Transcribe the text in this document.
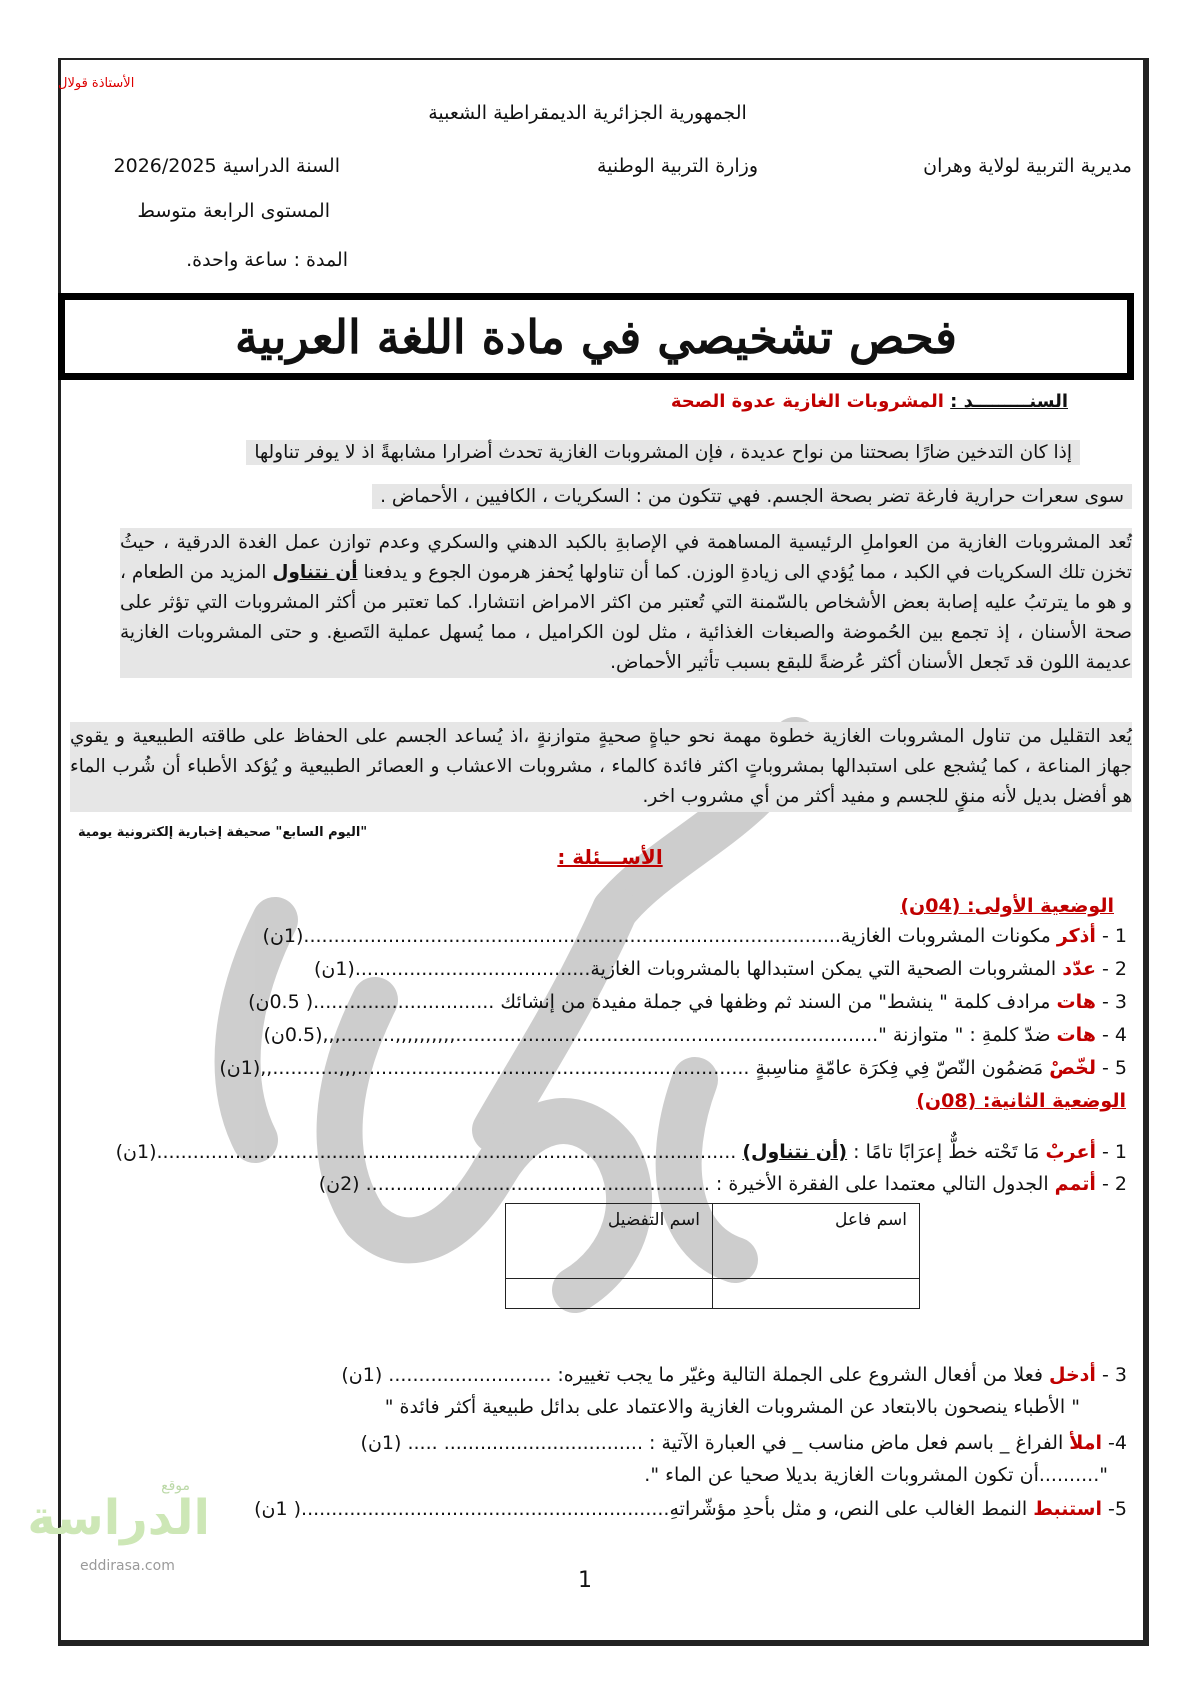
الأستاذة قولال
الجمهورية الجزائرية الديمقراطية الشعبية
مديرية التربية لولاية وهران
وزارة التربية الوطنية
السنة الدراسية 2026/2025
المستوى الرابعة متوسط
المدة : ساعة واحدة.
فحص تشخيصي في مادة اللغة العربية
السنـــــــــد : المشروبات الغازية عدوة الصحة
إذا كان التدخين ضارًا بصحتنا من نواح عديدة ، فإن المشروبات الغازية تحدث أضرارا مشابهةً اذ لا يوفر تناولها
سوى سعرات حرارية فارغة تضر بصحة الجسم. فهي تتكون من : السكريات ، الكافيين ، الأحماض .
تُعد المشروبات الغازية من العواملِ الرئيسية المساهمة في الإصابةِ بالكبد الدهني والسكري وعدم توازن عمل الغدة الدرقية ، حيثُ تخزن تلك السكريات في الكبد ، مما يُؤدي الى زيادةِ الوزن. كما أن تناولها يُحفز هرمون الجوع و يدفعنا أن نتناول المزيد من الطعام ، و هو ما يترتبُ عليه إصابة بعض الأشخاص بالسّمنة التي تُعتبر من اكثر الامراض انتشارا. كما تعتبر من أكثر المشروبات التي تؤثر على صحة الأسنان ، إذ تجمع بين الحُموضة والصبغات الغذائية ، مثل لون الكراميل ، مما يُسهل عملية التَصبغ. و حتى المشروبات الغازية عديمة اللون قد تَجعل الأسنان أكثر عُرضةً للبقع بسبب تأثير الأحماض.
يُعد التقليل من تناول المشروبات الغازية خطوة مهمة نحو حياةٍ صحيةٍ متوازنةٍ ،اذ يُساعد الجسم على الحفاظ على طاقته الطبيعية و يقوي جهاز المناعة ، كما يُشجع على استبدالها بمشروباتٍ اكثر فائدة كالماء ، مشروبات الاعشاب و العصائر الطبيعية و يُؤكد الأطباء أن شُرب الماء هو أفضل بديل لأنه منقٍ للجسم و مفيد أكثر من أي مشروب اخر.
"اليوم السابع" صحيفة إخبارية إلكترونية يومية
الأســـئلة :
الوضعية الأولى: (04ن)
1 - أذكر مكونات المشروبات الغازية.........................................................................................(1ن)
2 - عدّد المشروبات الصحية التي يمكن استبدالها بالمشروبات الغازية.......................................(1ن)
3 - هات مرادف كلمة " ينشط" من السند ثم وظفها في جملة مفيدة من إنشائك ..............................( 0.5ن)
4 - هات ضدّ كلمةِ : " متوازنة "......................................................................,,,,,,,,,,.........,,,(0.5ن)
5 - لخّصْ مَضمُون النّصّ فِي فِكرَة عامّةٍ مناسِبةٍ .................................................................,,,...........,,(1ن)
الوضعية الثانية: (08ن)
1 - أعربْ مَا تَحْته خطٌّ إعرَابًا تامًا : (أن نتناول) ................................................................................................(1ن)
2 - أتمم الجدول التالي معتمدا على الفقرة الأخيرة : ......................................................... (2ن)
اسم فاعل	اسم التفضيل

3 - أدخل فعلا من أفعال الشروع على الجملة التالية وغيّر ما يجب تغييره: ........................... (1ن)
" الأطباء ينصحون بالابتعاد عن المشروبات الغازية والاعتماد على بدائل طبيعية أكثر فائدة "
4- املأ الفراغ _ باسم فعل ماض مناسب _ في العبارة الآتية : ................................. ..... (1ن)
"..........أن تكون المشروبات الغازية بديلا صحيا عن الماء ".
5- استنبط النمط الغالب على النص، و مثل بأحدِ مؤشّراتهِ.............................................................( 1ن)
موقع
الدراسة
eddirasa.com
1
